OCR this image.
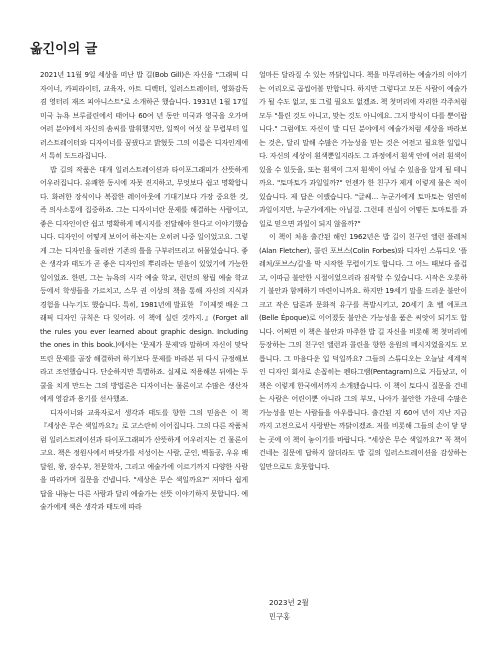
옮긴이의 글

2021년 11월 9일 세상을 떠난 밥 길(Bob Gill)은 자신을 "그래픽 디자이너, 카피라이터, 교육자, 아트 디렉터, 일러스트레이터, 영화감독 겸 영터리 재즈 피아니스트"로 소개하곤 했습니다. 1931년 1월 17일 미국 뉴욕 브루클린에서 태어나 60여 년 동안 미국과 영국을 오가며 여러 분야에서 자신의 솜씨를 발휘했지만, 일찍이 여섯 살 무렵부터 일러스트레이터와 디자이너를 꿈꿨다고 밝혔듯 그의 이름은 디자인계에서 특히 도드라집니다.

밥 길의 작품은 대개 일러스트레이션과 타이포그래피가 산뜻하게 어우러집니다. 유쾌한 동시에 자못 진지하고, 무엇보다 쉽고 명확합니다. 화려한 장식이나 복잡한 레이아웃에 기대기보다 가장 중요한 것, 즉 의사소통에 집중하죠. 그는 디자이너란 문제를 해결하는 사람이고, 좋은 디자인이란 쉽고 명확하게 메시지를 전달해야 한다고 이야기했습니다. 디자인이 어떻게 보이어 하는지는 오히려 나중 일이었고요. 그렇게 그는 디자인을 둘러싼 기존의 틀을 구부러뜨리고 허물었습니다. 좋은 생각과 태도가 곧 좋은 디자인의 뿌리라는 믿음이 있었기에 가능한 일이었죠. 한편, 그는 뉴욕의 시각 예술 학교, 런던의 왕립 예술 학교 등에서 학생들을 가르치고, 스무 권 이상의 책을 통해 자신의 지식과 경험을 나누기도 했습니다. 특히, 1981년에 발표한 『이제껏 배운 그래픽 디자인 규칙은 다 잊어라. 이 책에 실린 것까지.』(Forget all the rules you ever learned about graphic design. Including the ones in this book.)에서는 '문제가 문제'라 말하며 자신이 맞닥뜨린 문제를 골장 해결하려 하기보다 문제를 바라본 뒤 다시 규정해보라고 조언했습니다. 단순하지만 특별하죠. 실제로 적용해본 뒤에는 두 쿨을 치게 만드는 그의 방법론은 디자이너는 물론이고 수많은 생산자에게 영감과 용기를 선사했죠.

디자이너와 교육자로서 생각과 태도를 향한 그의 믿음은 이 책 『세상은 무슨 색일까요?』로 고스란히 이어집니다. 그의 다른 작품처럼 일러스트레이션과 타이포그래피가 산뜻하게 어우러지는 건 물론이고요. 책은 정원사에서 바닷가를 서성이는 사람, 군인, 벡돌공, 우유 배달원, 왕, 잠수부, 천문학자, 그리고 예술가에 이르기까지 다양한 사람을 따라가며 질문을 건넵니다. "세상은 무슨 색일까요?" 저마다 쉽게 답을 내놓는 다른 사람과 달리 예술가는 선뜻 이야기하지 못합니다. 예술가에게 색은 생각과 태도에 따라

얼마든 달라질 수 있는 까닭입니다. 책을 마무리하는 예술가의 이야기는 어리오로 곱씹어볼 만합니다. 하지만 그렇다고 모든 사람이 예술가가 될 수도 없고, 또 그럴 필요도 없겠죠. 책 첫머리에 자리한 각주처럼 모두 "틀린 것도 아니고, 맞는 것도 아니에요. 그저 방식이 다를 뿐이랍니다." 그럼에도 자신이 발 디딘 분야에서 예술가처럼 세상을 바라보는 것은, 달리 말해 수많은 가능성을 믿는 것은 여전고 필요한 일입니다. 자신의 세상이 흰색뿐일지라도 그 과정에서 흰색 안에 여러 흰색이 있을 수 있듯을, 또는 흰색이 그저 흰색이 아닐 수 있음을 알게 될 테니까요. "토마토가 과일일까?" 언젠가 한 친구가 제게 이렇게 물은 적이 있습니다. 제 답은 이랬습니다. "글쎄… 누군가에게 토마토는 엄연히 과일이지만, 누군가에게는 아닐걸. 그런데 진실이 어떻든 토마토를 과일로 믿으면 과일이 되지 않을까?"

이 책이 처음 출간된 해인 1962년은 밥 길이 친구인 앨런 플레처(Alan Fletcher), 콜린 포브스(Colin Forbes)와 디자인 스튜디오 '플레처/포브스/길'을 막 시작한 무렵이기도 합니다. 그 어느 때보다 즐겁고, 이따금 불안한 시절이었으리라 짐작할 수 있습니다. 시작은 오롯하기 불안과 함께하기 마련이니까요. 하지만 19세기 말을 드리운 불안이 크고 작은 답론과 문화적 유구를 폭발시키고, 20세기 초 벨 에포크(Belle Époque)로 이어졌듯 불안은 가능성을 품은 씨앗이 되기도 합니다. 어쩌면 이 책은 불안과 마주한 밥 길 자신을 비롯해 책 첫머리에 등장하는 그의 친구인 앨런과 콜린을 향한 응원의 메시지였을지도 모릅니다. 그 마음다운 입 덕일까요? 그들의 스튜디오는 오늘날 세계적인 디자인 회사로 손꼽히는 펜타그램(Pentagram)으로 거듭났고, 이 책은 이렇게 한국에서까지 소개됐습니다. 이 책이 토다시 질문을 건네는 사람은 어린이뿐 아니라 그의 부모, 나아가 불안한 가운데 수많은 가능성을 믿는 사람들을 아우릅니다. 출간된 지 60여 년이 지난 지금까지 고전으로서 사랑받는 까닭이겠죠. 저를 비롯해 그들의 손이 닿 닿는 곳에 이 책이 놓이기를 바랍니다. "세상은 무슨 색일까요?" 꼭 책이 건네는 질문에 답하지 않더라도 밥 길의 일러스트레이션을 감상하는 일만으로도 흐뭇합니다.

2023년 2월
민구홍
